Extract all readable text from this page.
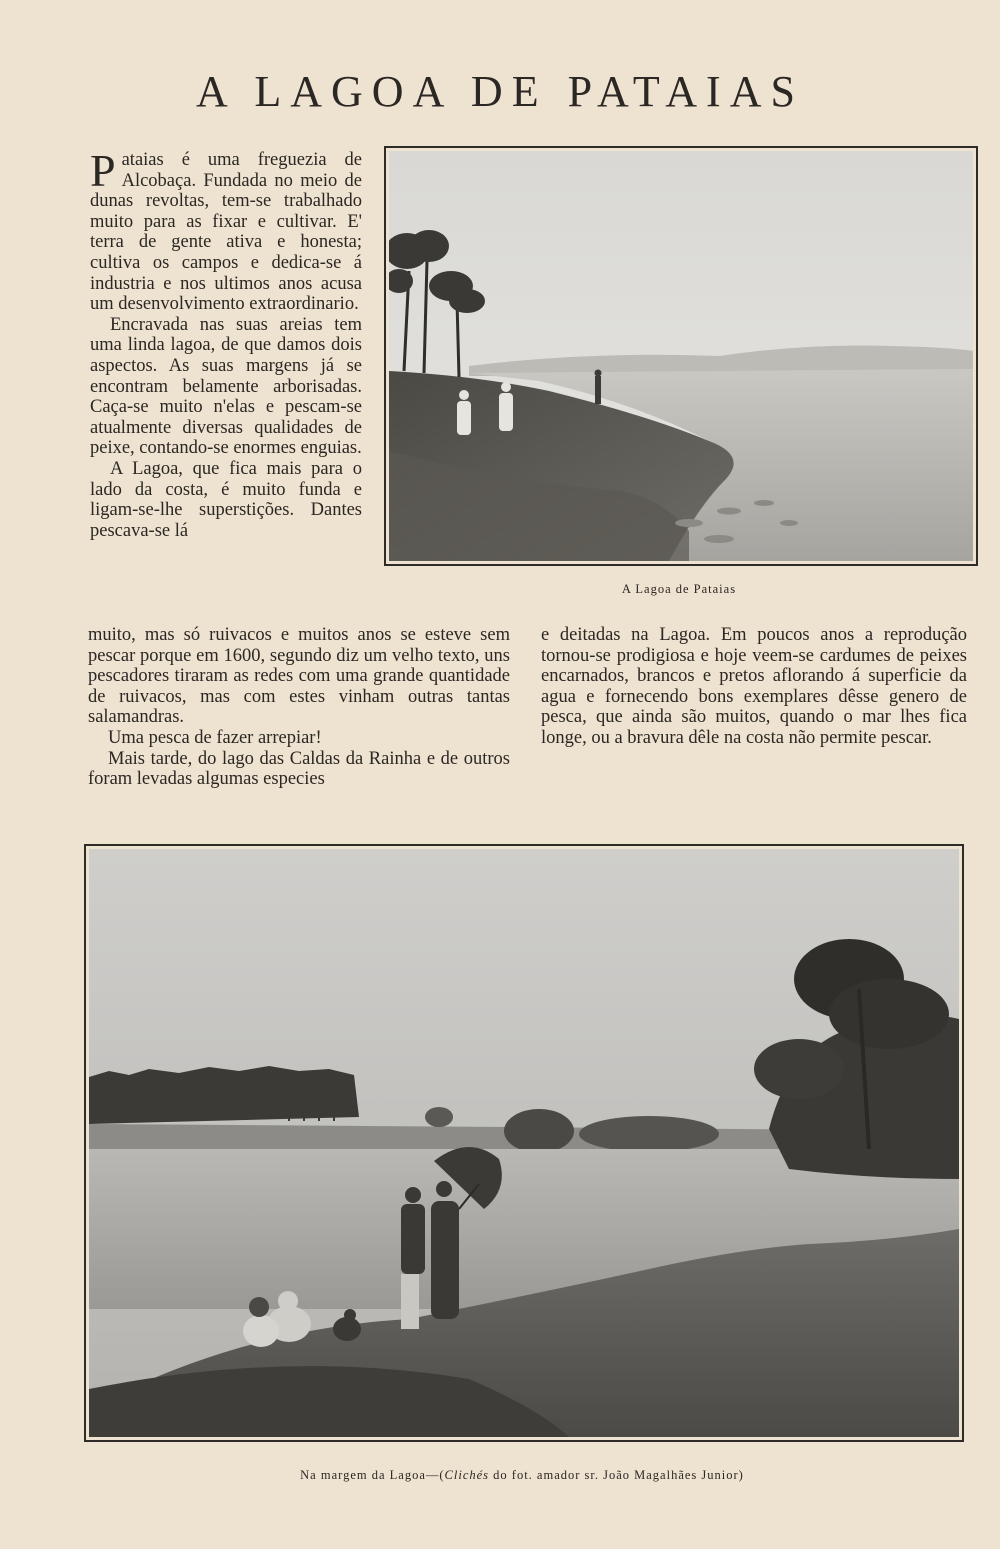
A LAGOA DE PATAIAS

Pataias é uma freguezia de Alcobaça. Fundada no meio de dunas revoltas, tem-se trabalhado muito para as fixar e cultivar. E' terra de gente ativa e honesta; cultiva os campos e dedica-se á industria e nos ultimos anos acusa um desenvolvimento extraordinario.

Encravada nas suas areias tem uma linda lagoa, de que damos dois aspectos. As suas margens já se encontram belamente arborisadas. Caça-se muito n'elas e pescam-se atualmente diversas qualidades de peixe, contando-se enormes enguias.

A Lagoa, que fica mais para o lado da costa, é muito funda e ligam-se-lhe superstições. Dantes pescava-se lá

A Lagoa de Pataias

muito, mas só ruivacos e muitos anos se esteve sem pescar porque em 1600, segundo diz um velho texto, uns pescadores tiraram as redes com uma grande quantidade de ruivacos, mas com estes vinham outras tantas salamandras.

Uma pesca de fazer arrepiar!

Mais tarde, do lago das Caldas da Rainha e de outros foram levadas algumas especies

e deitadas na Lagoa. Em poucos anos a reprodução tornou-se prodigiosa e hoje veem-se cardumes de peixes encarnados, brancos e pretos aflorando á superficie da agua e fornecendo bons exemplares dêsse genero de pesca, que ainda são muitos, quando o mar lhes fica longe, ou a bravura dêle na costa não permite pescar.

Na margem da Lagoa—(Clichés do fot. amador sr. João Magalhães Junior)
